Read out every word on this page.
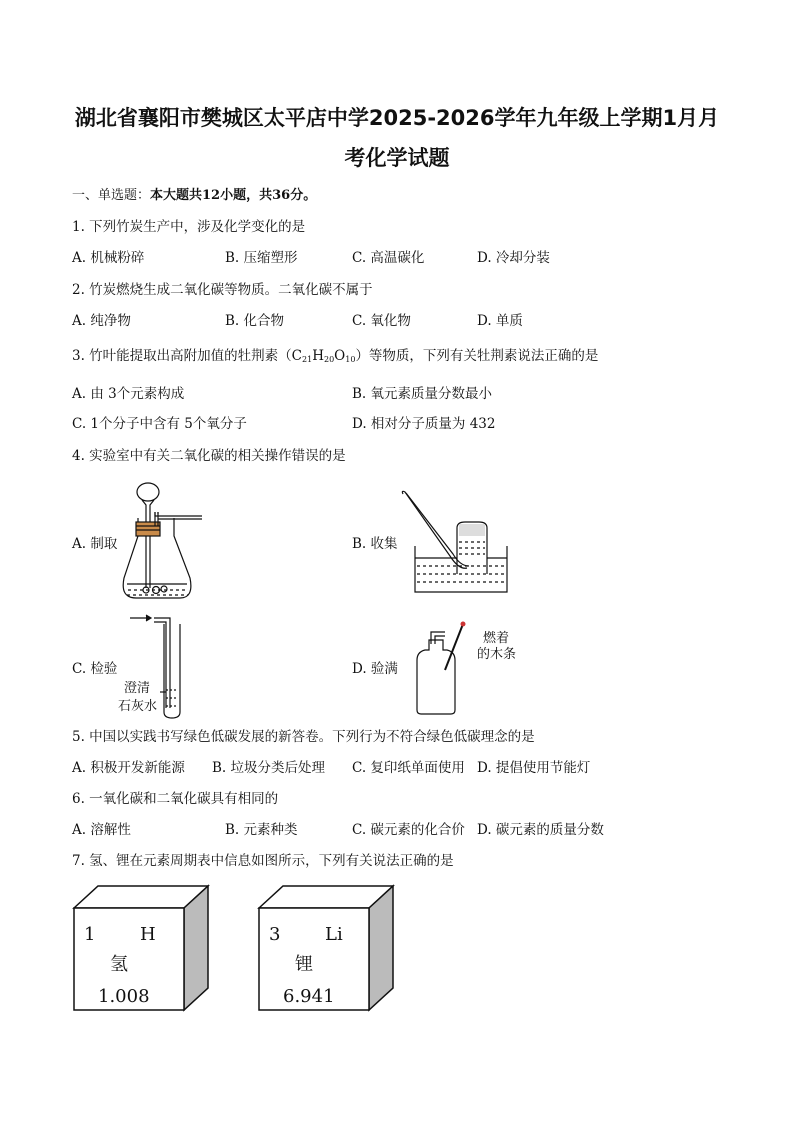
湖北省襄阳市樊城区太平店中学2025-2026学年九年级上学期1月月
考化学试题
一、单选题：本大题共12小题，共36分。
1. 下列竹炭生产中，涉及化学变化的是
A. 机械粉碎	B. 压缩塑形	C. 高温碳化	D. 冷却分装
2. 竹炭燃烧生成二氧化碳等物质。二氧化碳不属于
A. 纯净物	B. 化合物	C. 氧化物	D. 单质
3. 竹叶能提取出高附加值的牡荆素$(C_{21}H_{20}O_{10})$等物质，下列有关牡荆素说法正确的是
A. 由 3个元素构成	B. 氧元素质量分数最小
C. 1个分子中含有 5个氧分子	D. 相对分子质量为 432
4. 实验室中有关二氧化碳的相关操作错误的是
A. 制取	B. 收集
C. 检验	D. 验满
澄清
石灰水
燃着
的木条
5. 中国以实践书写绿色低碳发展的新答卷。下列行为不符合绿色低碳理念的是
A. 积极开发新能源 B. 垃圾分类后处理 C. 复印纸单面使用 D. 提倡使用节能灯
6. 一氧化碳和二氧化碳具有相同的
A. 溶解性	B. 元素种类	C. 碳元素的化合价 D. 碳元素的质量分数
7. 氢、锂在元素周期表中信息如图所示，下列有关说法正确的是
1 H
氢
1.008
3 Li
锂
6.941
